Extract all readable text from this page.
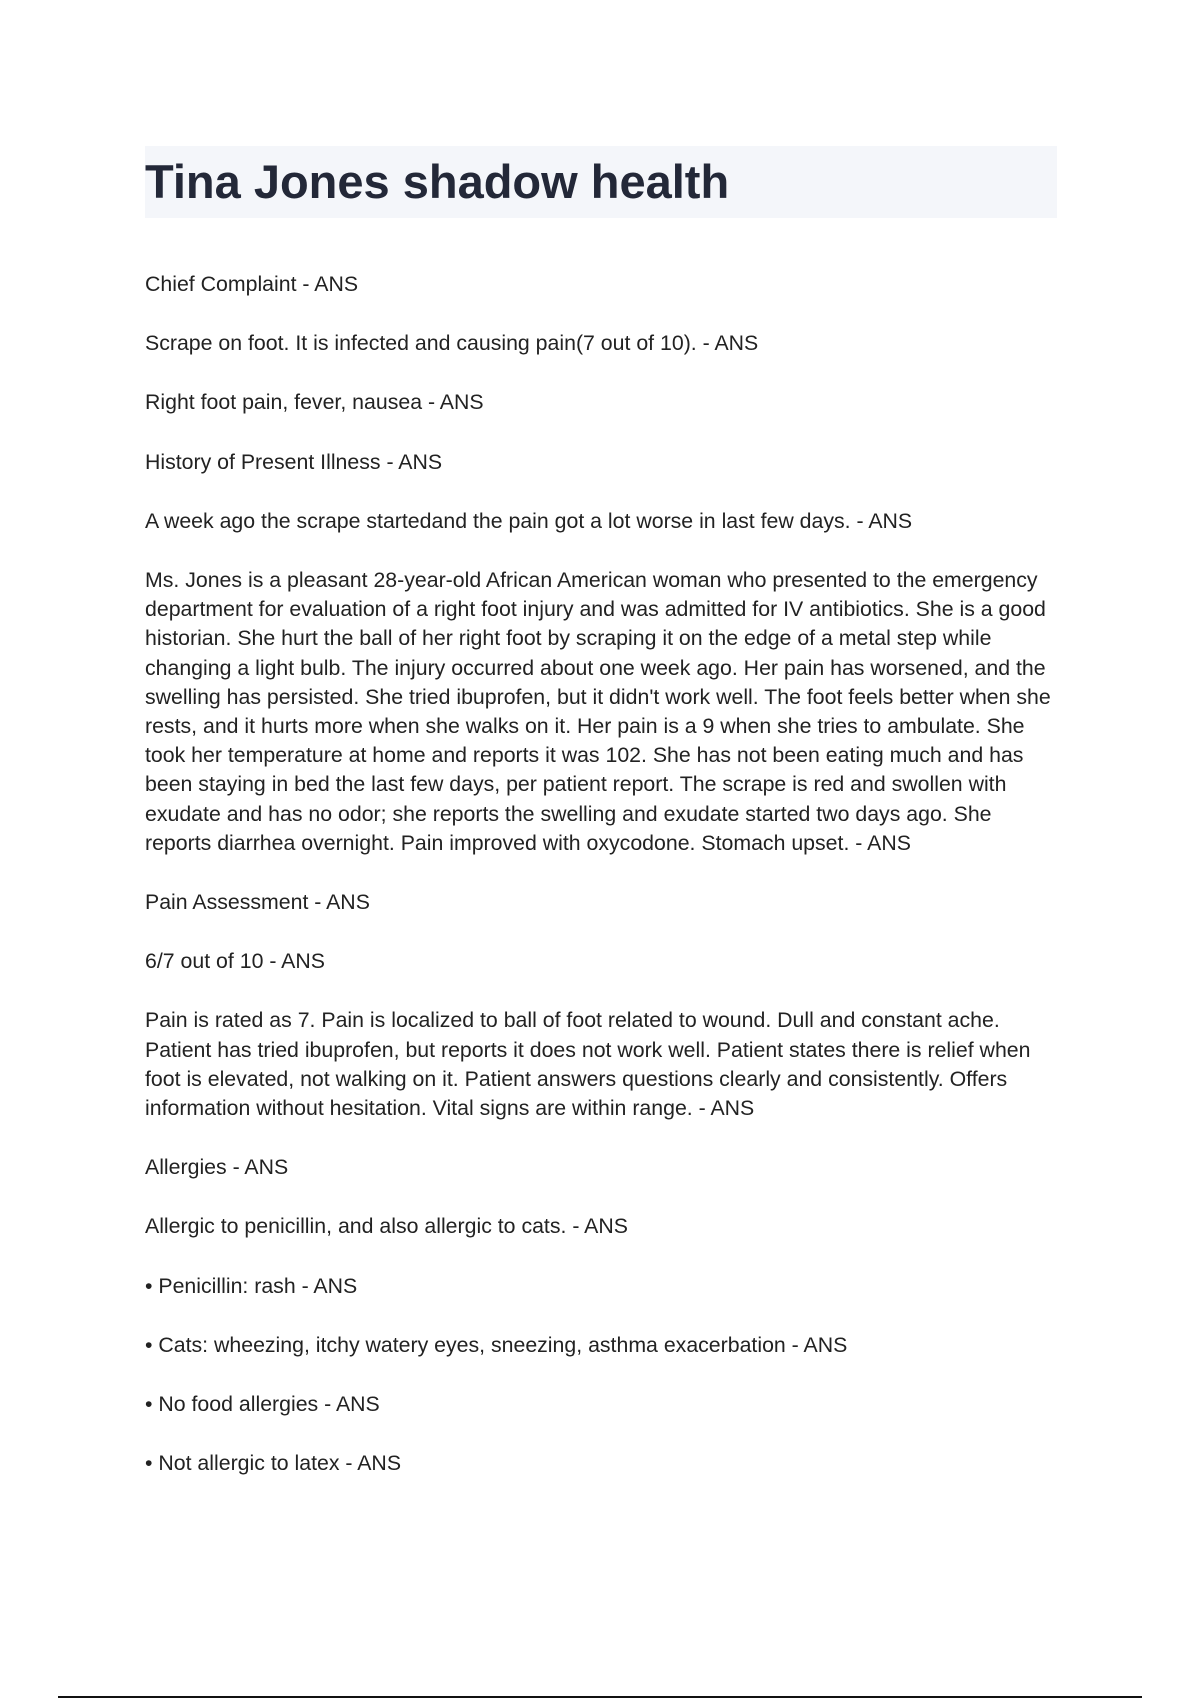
Tina Jones shadow health

Chief Complaint - ANS

Scrape on foot. It is infected and causing pain(7 out of 10). - ANS

Right foot pain, fever, nausea - ANS

History of Present Illness - ANS

A week ago the scrape startedand the pain got a lot worse in last few days. - ANS

Ms. Jones is a pleasant 28-year-old African American woman who presented to the emergency department for evaluation of a right foot injury and was admitted for IV antibiotics. She is a good historian. She hurt the ball of her right foot by scraping it on the edge of a metal step while changing a light bulb. The injury occurred about one week ago. Her pain has worsened, and the swelling has persisted. She tried ibuprofen, but it didn't work well. The foot feels better when she rests, and it hurts more when she walks on it. Her pain is a 9 when she tries to ambulate. She took her temperature at home and reports it was 102. She has not been eating much and has been staying in bed the last few days, per patient report. The scrape is red and swollen with exudate and has no odor; she reports the swelling and exudate started two days ago. She reports diarrhea overnight. Pain improved with oxycodone. Stomach upset. - ANS

Pain Assessment - ANS

6/7 out of 10 - ANS

Pain is rated as 7. Pain is localized to ball of foot related to wound. Dull and constant ache. Patient has tried ibuprofen, but reports it does not work well. Patient states there is relief when foot is elevated, not walking on it. Patient answers questions clearly and consistently. Offers information without hesitation. Vital signs are within range. - ANS

Allergies - ANS

Allergic to penicillin, and also allergic to cats. - ANS

• Penicillin: rash - ANS

• Cats: wheezing, itchy watery eyes, sneezing, asthma exacerbation - ANS

• No food allergies - ANS

• Not allergic to latex - ANS
